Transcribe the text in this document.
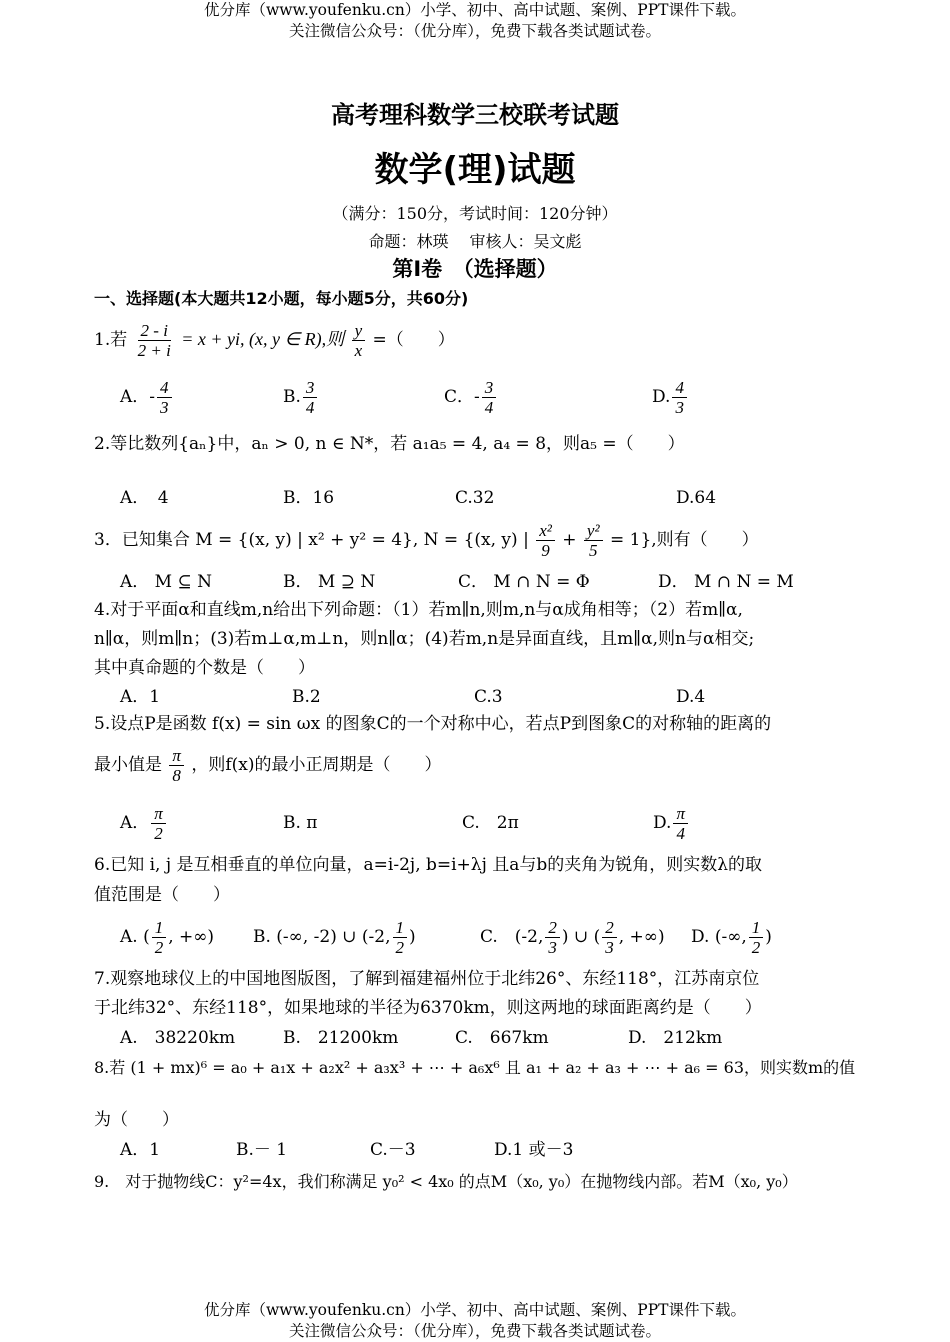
优分库（www.youfenku.cn）小学、初中、高中试题、案例、PPT课件下载。
关注微信公众号：（优分库），免费下载各类试题试卷。
高考理科数学三校联考试题
数学(理)试题
（满分：150分，考试时间：120分钟）
命题：林瑛　 审核人：吴文彪
第Ⅰ卷　（选择题）
一、选择题(本大题共12小题，每小题5分，共60分)
1.若 $\frac{2 - i}{2 + i} = x$ + yi, (x, y ∈ R),则 $\frac{y}{x}$ =（　　）
A．- $\frac{4}{3}$	B. $\frac{3}{4}$	C．- $\frac{3}{4}$	D. $\frac{4}{3}$
2.等比数列{aₙ}中，aₙ > 0, n ∈ N*，若 a₁a₅ = 4, a₄ = 8，则a₅ =（　　）
A．　4	B．16	C.32	D.64
3．已知集合 M = {(x, y) | x² + y² = 4}, N = {(x, y) | $\frac{\text{x²}}{9} + \frac{\text{y²}}{5} = 1$},则有（　　）
A． M ⊆ N	B． M ⊇ N	C． M ∩ N = Φ	D． M ∩ N = M
4.对于平面α和直线m,n给出下列命题：（1）若m∥n,则m,n与α成角相等；（2）若m∥α,
n∥α，则m∥n；(3)若m⊥α,m⊥n，则n∥α；(4)若m,n是异面直线，且m∥α,则n与α相交;
其中真命题的个数是（　　）
A．1	B.2	C.3	D.4
5.设点P是函数 f(x) = sin ωx 的图象C的一个对称中心，若点P到图象C的对称轴的距离的
最小值是 $\frac{\pi}{8}$ ，则f(x)的最小正周期是（　　）
A． $\frac{\pi}{2}$	B. π	C.　2π	D. $\frac{\pi}{4}$
6.已知 i, j 是互相垂直的单位向量，a=i-2j, b=i+λj 且a与b的夹角为锐角，则实数λ的取
值范围是（　　）
A. ( $\frac{1}{2}$ , +∞) B. (-∞, -2) ∪ (-2, $\frac{1}{2}$ )	C.　(-2, $\frac{2}{3}$ ) ∪ ( $\frac{2}{3}$ , +∞) D. (-∞, $\frac{1}{2}$ )
7.观察地球仪上的中国地图版图，了解到福建福州位于北纬26°、东经118°，江苏南京位
于北纬32°、东经118°，如果地球的半径为6370km，则这两地的球面距离约是（　　）
A.　38220km	B.　21200km	C.　667km	D.　212km
8.若 (1 + mx)⁶ = a₀ + a₁x + a₂x² + a₃x³ + ⋯ + a₆x⁶ 且 a₁ + a₂ + a₃ + ⋯ + a₆ = 63，则实数m的值
为（　　）
A．1	B.－ 1	C.－3	D.1 或－3
9.　对于抛物线C：y²=4x，我们称满足 y₀² < 4x₀ 的点M（x₀, y₀）在抛物线内部。若M（x₀, y₀）
优分库（www.youfenku.cn）小学、初中、高中试题、案例、PPT课件下载。
关注微信公众号：（优分库），免费下载各类试题试卷。
